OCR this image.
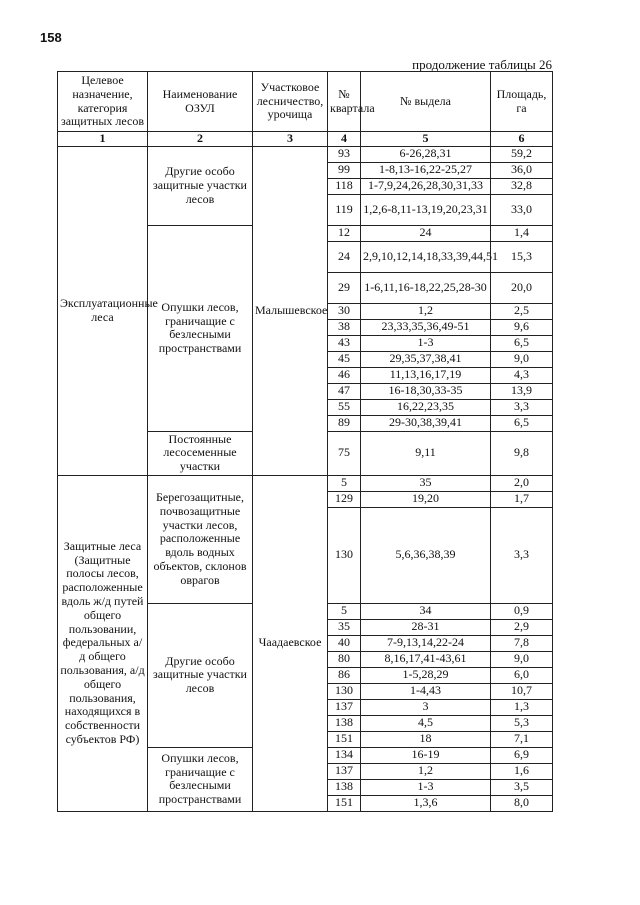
158
продолжение таблицы 26
Целевое назначение, категория защитных лесов	Наименование ОЗУЛ	Участковое лесничество, урочища	№ квартала	№ выдела	Площадь, га
1	2	3	4	5	6
Эксплуатационные леса	Другие особо защитные участки лесов	Малышевское	93	6-26,28,31	59,2
			99	1-8,13-16,22-25,27	36,0
			118	1-7,9,24,26,28,30,31,33	32,8
			119	1,2,6-8,11-13,19,20,23,31	33,0
	Опушки лесов, граничащие с безлесными пространствами		12	24	1,4
			24	2,9,10,12,14,18,33,39,44,51	15,3
			29	1-6,11,16-18,22,25,28-30	20,0
			30	1,2	2,5
			38	23,33,35,36,49-51	9,6
			43	1-3	6,5
			45	29,35,37,38,41	9,0
			46	11,13,16,17,19	4,3
			47	16-18,30,33-35	13,9
			55	16,22,23,35	3,3
			89	29-30,38,39,41	6,5
	Постоянные лесосеменные участки		75	9,11	9,8
Защитные леса (Защитные полосы лесов, расположенные вдоль ж/д путей общего пользовании, федеральных а/д общего пользования, а/д общего пользования, находящихся в собственности субъектов РФ)	Берегозащитные, почвозащитные участки лесов, расположенные вдоль водных объектов, склонов оврагов	Чаадаевское	5	35	2,0
			129	19,20	1,7
			130	5,6,36,38,39	3,3
	Другие особо защитные участки лесов		5	34	0,9
			35	28-31	2,9
			40	7-9,13,14,22-24	7,8
			80	8,16,17,41-43,61	9,0
			86	1-5,28,29	6,0
			130	1-4,43	10,7
			137	3	1,3
			138	4,5	5,3
			151	18	7,1
	Опушки лесов, граничащие с безлесными пространствами		134	16-19	6,9
			137	1,2	1,6
			138	1-3	3,5
			151	1,3,6	8,0
